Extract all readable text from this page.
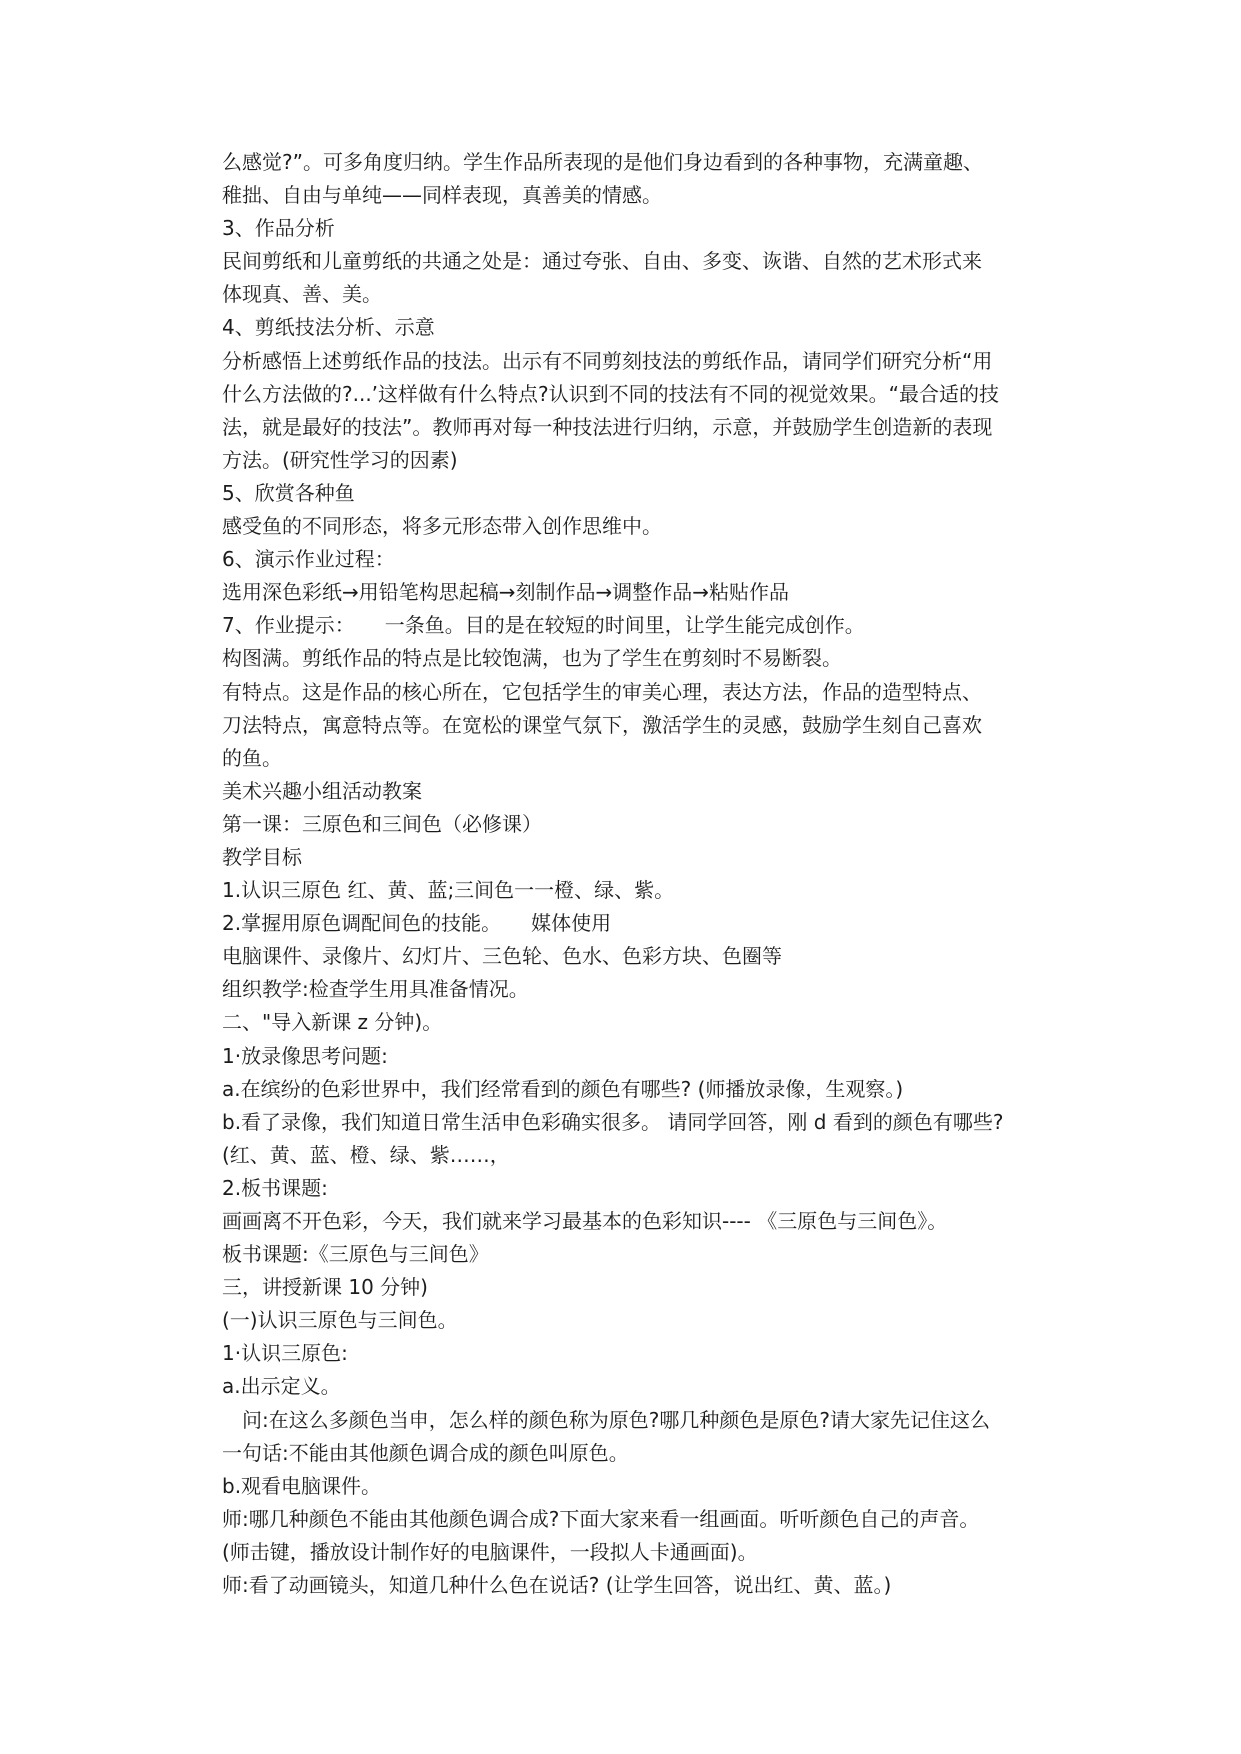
么感觉?”。可多角度归纳。学生作品所表现的是他们身边看到的各种事物，充满童趣、
稚拙、自由与单纯——同样表现，真善美的情感。
3、作品分析
民间剪纸和儿童剪纸的共通之处是：通过夸张、自由、多变、诙谐、自然的艺术形式来
体现真、善、美。
4、剪纸技法分析、示意
分析感悟上述剪纸作品的技法。出示有不同剪刻技法的剪纸作品，请同学们研究分析“用
什么方法做的?...’这样做有什么特点?认识到不同的技法有不同的视觉效果。“最合适的技
法，就是最好的技法”。教师再对每一种技法进行归纳，示意，并鼓励学生创造新的表现
方法。(研究性学习的因素)
5、欣赏各种鱼
感受鱼的不同形态，将多元形态带入创作思维中。
6、演示作业过程：
选用深色彩纸→用铅笔构思起稿→刻制作品→调整作品→粘贴作品
7、作业提示：　　一条鱼。目的是在较短的时间里，让学生能完成创作。
构图满。剪纸作品的特点是比较饱满，也为了学生在剪刻时不易断裂。
有特点。这是作品的核心所在，它包括学生的审美心理，表达方法，作品的造型特点、
刀法特点，寓意特点等。在宽松的课堂气氛下，激活学生的灵感，鼓励学生刻自己喜欢
的鱼。
美术兴趣小组活动教案
第一课：三原色和三间色（必修课）
教学目标
1.认识三原色 红、黄、蓝;三间色一一橙、绿、紫。
2.掌握用原色调配间色的技能。　　媒体使用
电脑课件、录像片、幻灯片、三色轮、色水、色彩方块、色圈等
组织教学:检查学生用具准备情况。
二、"导入新课 z 分钟)。
1·放录像思考问题:
a.在缤纷的色彩世界中，我们经常看到的颜色有哪些? (师播放录像，生观察。)
b.看了录像，我们知道日常生活申色彩确实很多。 请同学回答，刚 d 看到的颜色有哪些?
(红、黄、蓝、橙、绿、紫……，
2.板书课题:
画画离不开色彩，今天，我们就来学习最基本的色彩知识---- 《三原色与三间色》。
板书课题:《三原色与三间色》
三，讲授新课 10 分钟)
(一)认识三原色与三间色。
1·认识三原色:
a.出示定义。
　问:在这么多颜色当申，怎么样的颜色称为原色?哪几种颜色是原色?请大家先记住这么
一句话:不能由其他颜色调合成的颜色叫原色。
b.观看电脑课件。
师:哪几种颜色不能由其他颜色调合成?下面大家来看一组画面。听听颜色自己的声音。
(师击键，播放设计制作好的电脑课件，一段拟人卡通画面)。
师:看了动画镜头，知道几种什么色在说话? (让学生回答，说出红、黄、蓝。)
